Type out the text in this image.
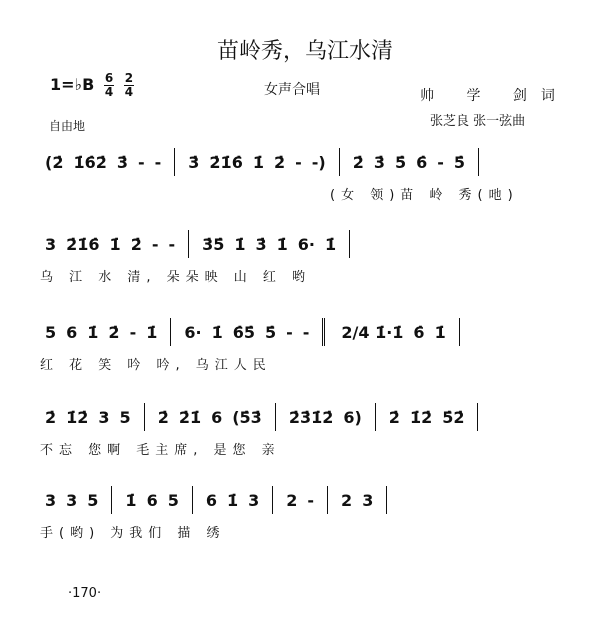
苗岭秀，乌江水清
1=♭B $\frac{6}{4}$
$\frac{2}{4}$	女声合唱	帅 学 剑词
张芝良 张一弦曲
自由地
(2̇ 1̇6̇2̇ 3̇ - - 3̇ 2̇1̇6̇ 1̇ 2̇ - -) 2̇ 3̇ 5̇ 6̇ - 5̇
(女 领)苗 岭 秀(吔)
3 2̇1̇6̇ 1̇ 2̇ - - 3̇5̇ 1̇ 3̇ 1̇ 6· 1̇
乌 江 水 清, 朵朵映 山 红 哟
5 6 1̇ 2̇ - 1̇ 6· 1̇ 6̇5̇ 5̇ - - 2/4 1̇·1̇ 6̇ 1̇
红 花 笑 吟 吟, 乌江人民
2̇ 1̇2̇ 3 5 2̇ 2̇1̇ 6 (5̇3̇ 2̇3̇1̇2̇ 6) 2̇ 1̇2̇ 5̇2̇
不忘 您啊 毛主席, 是您 亲
3 3 5 1̇ 6 5 6 1̇ 3 2 - 2 3
手(哟) 为我们 描 绣
·170·
